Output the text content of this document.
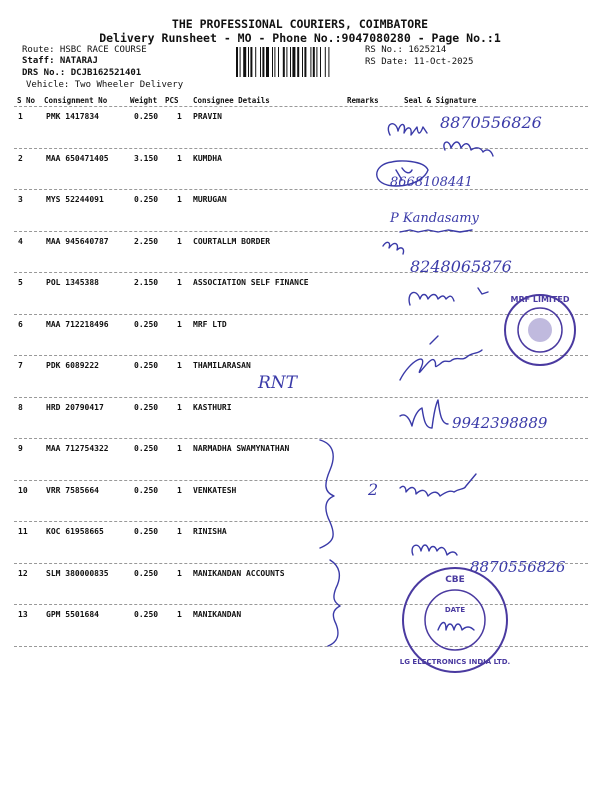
THE PROFESSIONAL COURIERS, COIMBATORE
Delivery Runsheet - MO - Phone No.:9047080280 - Page No.:1
Route: HSBC RACE COURSE
Staff: NATARAJ
DRS No.: DCJB162521401
Vehicle: Two Wheeler Delivery
RS No.: 1625214
RS Date: 11-Oct-2025
S No Consignment No	Weight PCS Consignee Details	Remarks	Seal & Signature
1	PMK 1417834	0.250 1 PRAVIN
2	MAA 650471405	3.150 1 KUMDHA
3	MYS 52244091	0.250 1 MURUGAN
4	MAA 945640787	2.250 1 COURTALLM BORDER
5	POL 1345388	2.150 1 ASSOCIATION SELF FINANCE
6	MAA 712218496	0.250 1 MRF LTD
7	PDK 6089222	0.250 1 THAMILARASAN
8	HRD 20790417	0.250 1 KASTHURI
9	MAA 712754322	0.250 1 NARMADHA SWAMYNATHAN
10 VRR 7585664	0.250 1 VENKATESH
11 KOC 61958665	0.250 1 RINISHA
12 SLM 380000835	0.250 1 MANIKANDAN ACCOUNTS
13 GPM 5501684	0.250 1 MANIKANDAN
8870556826
8668108441
P Kandasamy
8248065876
MRF LIMITED
RNT
9942398889
2
8870556826
CBE
DATE
LG ELECTRONICS INDIA LTD.
